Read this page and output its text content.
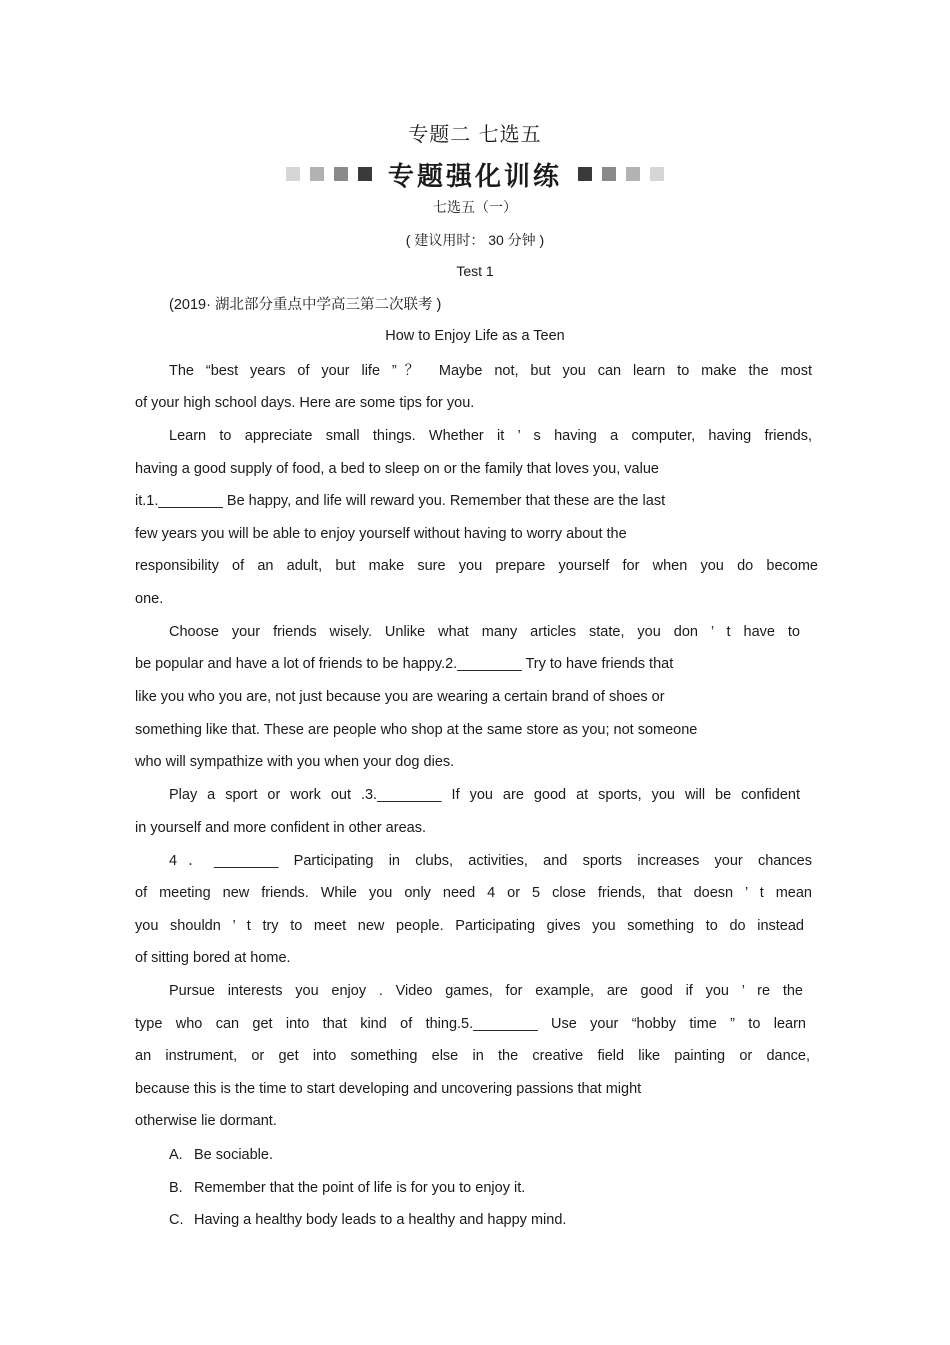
专题二 七选五
专题强化训练
七选五（一）
( 建议用时： 30 分钟 )
Test 1
(2019· 湖北部分重点中学高三第二次联考 )
How to Enjoy Life as a Teen
The “best years of your life ”？ Maybe not, but you can learn to make the most
of your high school days. Here are some tips for you.
Learn to appreciate small things. Whether it ’ s having a computer, having friends,
having a good supply of food, a bed to sleep on or the family that loves you, value
it.1.________ Be happy, and life will reward you. Remember that these are the last
few years you will be able to enjoy yourself without having to worry about the
responsibility of an adult, but make sure you prepare yourself for when you do become
one.
Choose your friends wisely. Unlike what many articles state, you don ’ t have to
be popular and have a lot of friends to be happy.2.________ Try to have friends that
like you who you are, not just because you are wearing a certain brand of shoes or
something like that. These are people who shop at the same store as you; not someone
who will sympathize with you when your dog dies.
Play a sport or work out .3.________ If you are good at sports, you will be confident
in yourself and more confident in other areas.
4．________ Participating in clubs, activities, and sports increases your chances
of meeting new friends. While you only need 4 or 5 close friends, that doesn ’ t mean
you shouldn ’ t try to meet new people. Participating gives you something to do instead
of sitting bored at home.
Pursue interests you enjoy . Video games, for example, are good if you ’ re the
type who can get into that kind of thing.5.________ Use your “hobby time ” to learn
an instrument, or get into something else in the creative field like painting or dance,
because this is the time to start developing and uncovering passions that might
otherwise lie dormant.
A. Be sociable.
B. Remember that the point of life is for you to enjoy it.
C. Having a healthy body leads to a healthy and happy mind.
